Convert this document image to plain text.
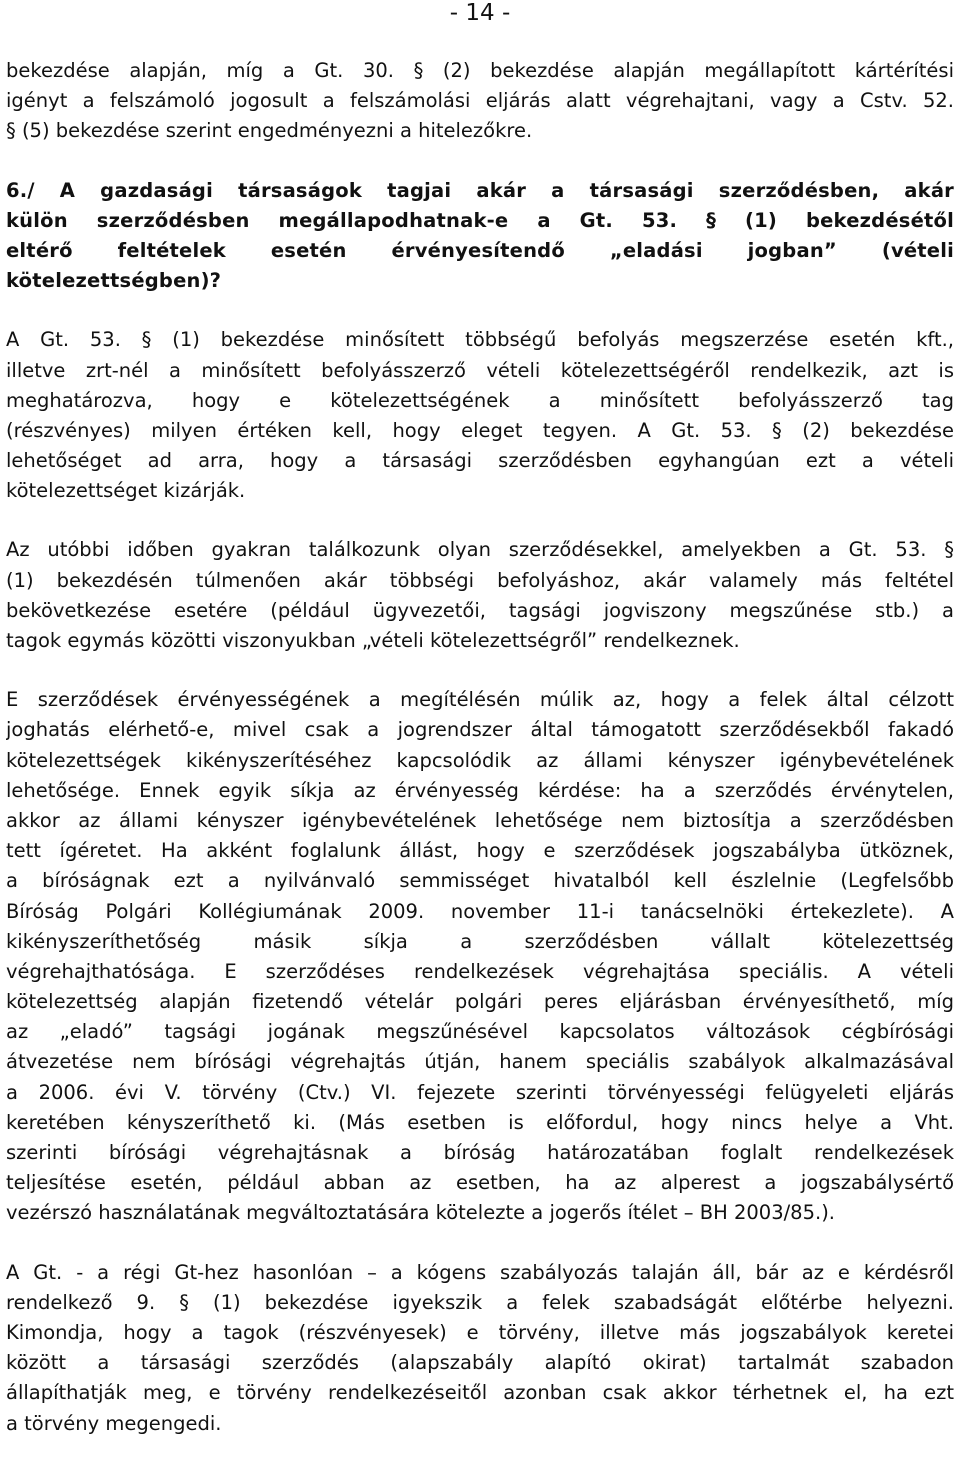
- 14 -
bekezdése alapján, míg a Gt. 30. § (2) bekezdése alapján megállapított kártérítési
igényt a felszámoló jogosult a felszámolási eljárás alatt végrehajtani, vagy a Cstv. 52.
§ (5) bekezdése szerint engedményezni a hitelezőkre.
6./ A gazdasági társaságok tagjai akár a társasági szerződésben, akár
külön szerződésben megállapodhatnak-e a Gt. 53. § (1) bekezdésétől
eltérő feltételek esetén érvényesítendő „eladási jogban” (vételi
kötelezettségben)?
A Gt. 53. § (1) bekezdése minősített többségű befolyás megszerzése esetén kft.,
illetve zrt-nél a minősített befolyásszerző vételi kötelezettségéről rendelkezik, azt is
meghatározva, hogy e kötelezettségének a minősített befolyásszerző tag
(részvényes) milyen értéken kell, hogy eleget tegyen. A Gt. 53. § (2) bekezdése
lehetőséget ad arra, hogy a társasági szerződésben egyhangúan ezt a vételi
kötelezettséget kizárják.
Az utóbbi időben gyakran találkozunk olyan szerződésekkel, amelyekben a Gt. 53. §
(1) bekezdésén túlmenően akár többségi befolyáshoz, akár valamely más feltétel
bekövetkezése esetére (például ügyvezetői, tagsági jogviszony megszűnése stb.) a
tagok egymás közötti viszonyukban „vételi kötelezettségről” rendelkeznek.
E szerződések érvényességének a megítélésén múlik az, hogy a felek által célzott
joghatás elérhető-e, mivel csak a jogrendszer által támogatott szerződésekből fakadó
kötelezettségek kikényszerítéséhez kapcsolódik az állami kényszer igénybevételének
lehetősége. Ennek egyik síkja az érvényesség kérdése: ha a szerződés érvénytelen,
akkor az állami kényszer igénybevételének lehetősége nem biztosítja a szerződésben
tett ígéretet. Ha akként foglalunk állást, hogy e szerződések jogszabályba ütköznek,
a bíróságnak ezt a nyilvánvaló semmisséget hivatalból kell észlelnie (Legfelsőbb
Bíróság Polgári Kollégiumának 2009. november 11-i tanácselnöki értekezlete). A
kikényszeríthetőség másik síkja a szerződésben vállalt kötelezettség
végrehajthatósága. E szerződéses rendelkezések végrehajtása speciális. A vételi
kötelezettség alapján fizetendő vételár polgári peres eljárásban érvényesíthető, míg
az „eladó” tagsági jogának megszűnésével kapcsolatos változások cégbírósági
átvezetése nem bírósági végrehajtás útján, hanem speciális szabályok alkalmazásával
a 2006. évi V. törvény (Ctv.) VI. fejezete szerinti törvényességi felügyeleti eljárás
keretében kényszeríthető ki. (Más esetben is előfordul, hogy nincs helye a Vht.
szerinti bírósági végrehajtásnak a bíróság határozatában foglalt rendelkezések
teljesítése esetén, például abban az esetben, ha az alperest a jogszabálysértő
vezérszó használatának megváltoztatására kötelezte a jogerős ítélet – BH 2003/85.).
A Gt. - a régi Gt-hez hasonlóan – a kógens szabályozás talaján áll, bár az e kérdésről
rendelkező 9. § (1) bekezdése igyekszik a felek szabadságát előtérbe helyezni.
Kimondja, hogy a tagok (részvényesek) e törvény, illetve más jogszabályok keretei
között a társasági szerződés (alapszabály alapító okirat) tartalmát szabadon
állapíthatják meg, e törvény rendelkezéseitől azonban csak akkor térhetnek el, ha ezt
a törvény megengedi.
